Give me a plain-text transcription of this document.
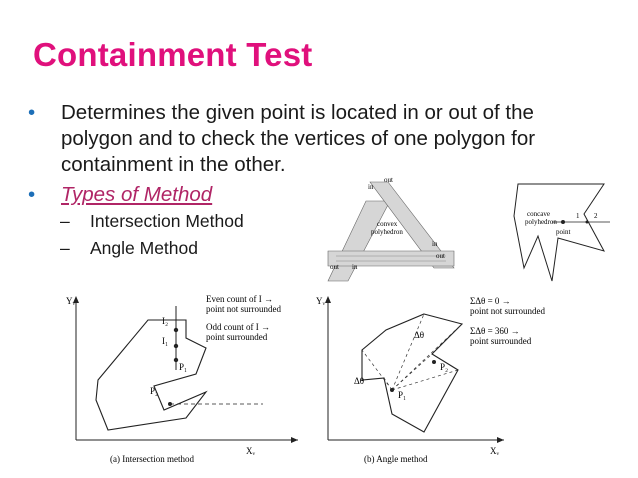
Containment Test
• Determines the given point is located in or out of the
polygon and to check the vertices of one polygon for
containment in the other.
• Types of Method
– Intersection Method
– Angle Method
out
in
convex
polyhedron
in
out
out in
concave
polyhedron
point
1 2
Yᵥ
Xᵥ
I₂
I₁
P₁
P₂
Even count of I →
point not surrounded
Odd count of I →
point surrounded
(a) Intersection method
Yᵥ
Xᵥ
Δθ
Δθ
P₂
P₁
ΣΔθ = 0 →
point not surrounded
ΣΔθ = 360 →
point surrounded
(b) Angle method
